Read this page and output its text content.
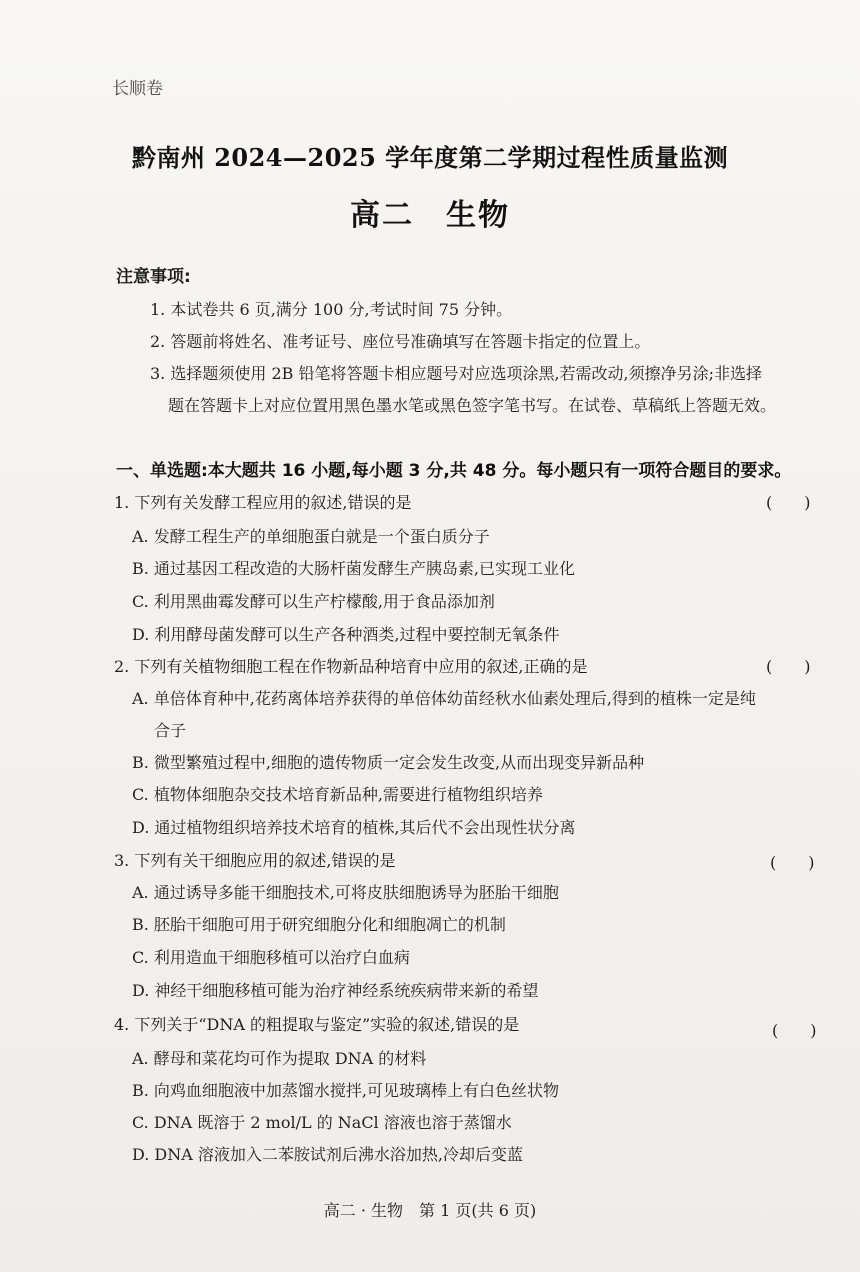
长顺卷
黔南州 2024—2025 学年度第二学期过程性质量监测
高二　生物
注意事项:
1. 本试卷共 6 页,满分 100 分,考试时间 75 分钟。
2. 答题前将姓名、准考证号、座位号准确填写在答题卡指定的位置上。
3. 选择题须使用 2B 铅笔将答题卡相应题号对应选项涂黑,若需改动,须擦净另涂;非选择
题在答题卡上对应位置用黑色墨水笔或黑色签字笔书写。在试卷、草稿纸上答题无效。
一、单选题:本大题共 16 小题,每小题 3 分,共 48 分。每小题只有一项符合题目的要求。
1. 下列有关发酵工程应用的叙述,错误的是	(　　)
A. 发酵工程生产的单细胞蛋白就是一个蛋白质分子
B. 通过基因工程改造的大肠杆菌发酵生产胰岛素,已实现工业化
C. 利用黑曲霉发酵可以生产柠檬酸,用于食品添加剂
D. 利用酵母菌发酵可以生产各种酒类,过程中要控制无氧条件
2. 下列有关植物细胞工程在作物新品种培育中应用的叙述,正确的是	(　　)
A. 单倍体育种中,花药离体培养获得的单倍体幼苗经秋水仙素处理后,得到的植株一定是纯
合子
B. 微型繁殖过程中,细胞的遗传物质一定会发生改变,从而出现变异新品种
C. 植物体细胞杂交技术培育新品种,需要进行植物组织培养
D. 通过植物组织培养技术培育的植株,其后代不会出现性状分离
3. 下列有关干细胞应用的叙述,错误的是	(　　)
A. 通过诱导多能干细胞技术,可将皮肤细胞诱导为胚胎干细胞
B. 胚胎干细胞可用于研究细胞分化和细胞凋亡的机制
C. 利用造血干细胞移植可以治疗白血病
D. 神经干细胞移植可能为治疗神经系统疾病带来新的希望
4. 下列关于“DNA 的粗提取与鉴定”实验的叙述,错误的是	(　　)
A. 酵母和菜花均可作为提取 DNA 的材料
B. 向鸡血细胞液中加蒸馏水搅拌,可见玻璃棒上有白色丝状物
C. DNA 既溶于 2 mol/L 的 NaCl 溶液也溶于蒸馏水
D. DNA 溶液加入二苯胺试剂后沸水浴加热,冷却后变蓝
高二 · 生物　第 1 页(共 6 页)
